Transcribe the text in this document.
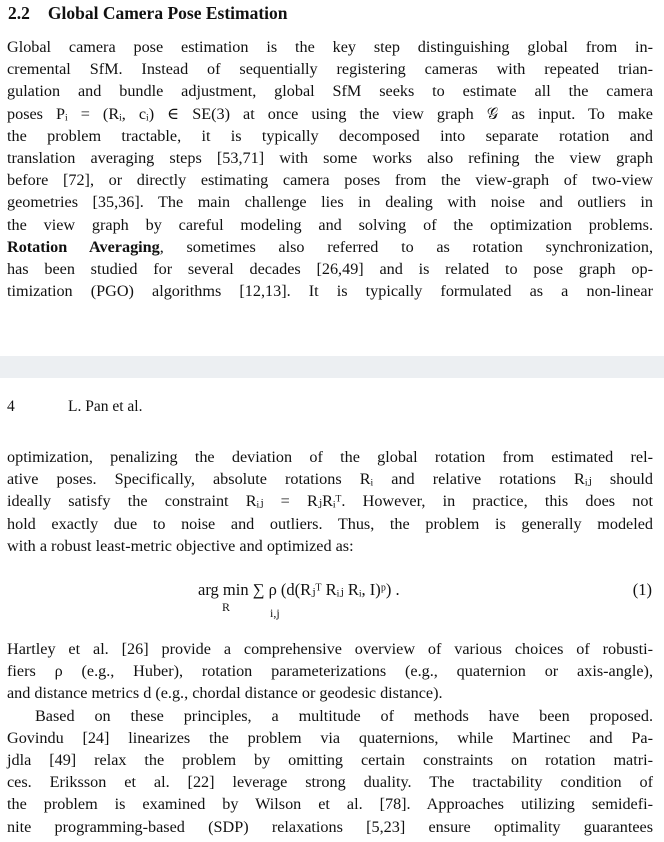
2.2 Global Camera Pose Estimation
Global camera pose estimation is the key step distinguishing global from in-
cremental SfM. Instead of sequentially registering cameras with repeated trian-
gulation and bundle adjustment, global SfM seeks to estimate all the camera
poses Pᵢ = (Rᵢ, cᵢ) ∈ SE(3) at once using the view graph 𝒢 as input. To make
the problem tractable, it is typically decomposed into separate rotation and
translation averaging steps [53,71] with some works also refining the view graph
before [72], or directly estimating camera poses from the view-graph of two-view
geometries [35,36]. The main challenge lies in dealing with noise and outliers in
the view graph by careful modeling and solving of the optimization problems.
Rotation Averaging, sometimes also referred to as rotation synchronization,
has been studied for several decades [26,49] and is related to pose graph op-
timization (PGO) algorithms [12,13]. It is typically formulated as a non-linear
4	L. Pan et al.
optimization, penalizing the deviation of the global rotation from estimated rel-
ative poses. Specifically, absolute rotations Rᵢ and relative rotations Rᵢⱼ should
ideally satisfy the constraint Rᵢⱼ = RⱼRᵢᵀ. However, in practice, this does not
hold exactly due to noise and outliers. Thus, the problem is generally modeled
with a robust least-metric objective and optimized as:
arg min ∑ ρ (d(Rⱼᵀ Rᵢⱼ Rᵢ, I)ᵖ) .
R	i,j
(1)
Hartley et al. [26] provide a comprehensive overview of various choices of robusti-
fiers ρ (e.g., Huber), rotation parameterizations (e.g., quaternion or axis-angle),
and distance metrics d (e.g., chordal distance or geodesic distance).
Based on these principles, a multitude of methods have been proposed.
Govindu [24] linearizes the problem via quaternions, while Martinec and Pa-
jdla [49] relax the problem by omitting certain constraints on rotation matri-
ces. Eriksson et al. [22] leverage strong duality. The tractability condition of
the problem is examined by Wilson et al. [78]. Approaches utilizing semidefi-
nite programming-based (SDP) relaxations [5,23] ensure optimality guarantees
